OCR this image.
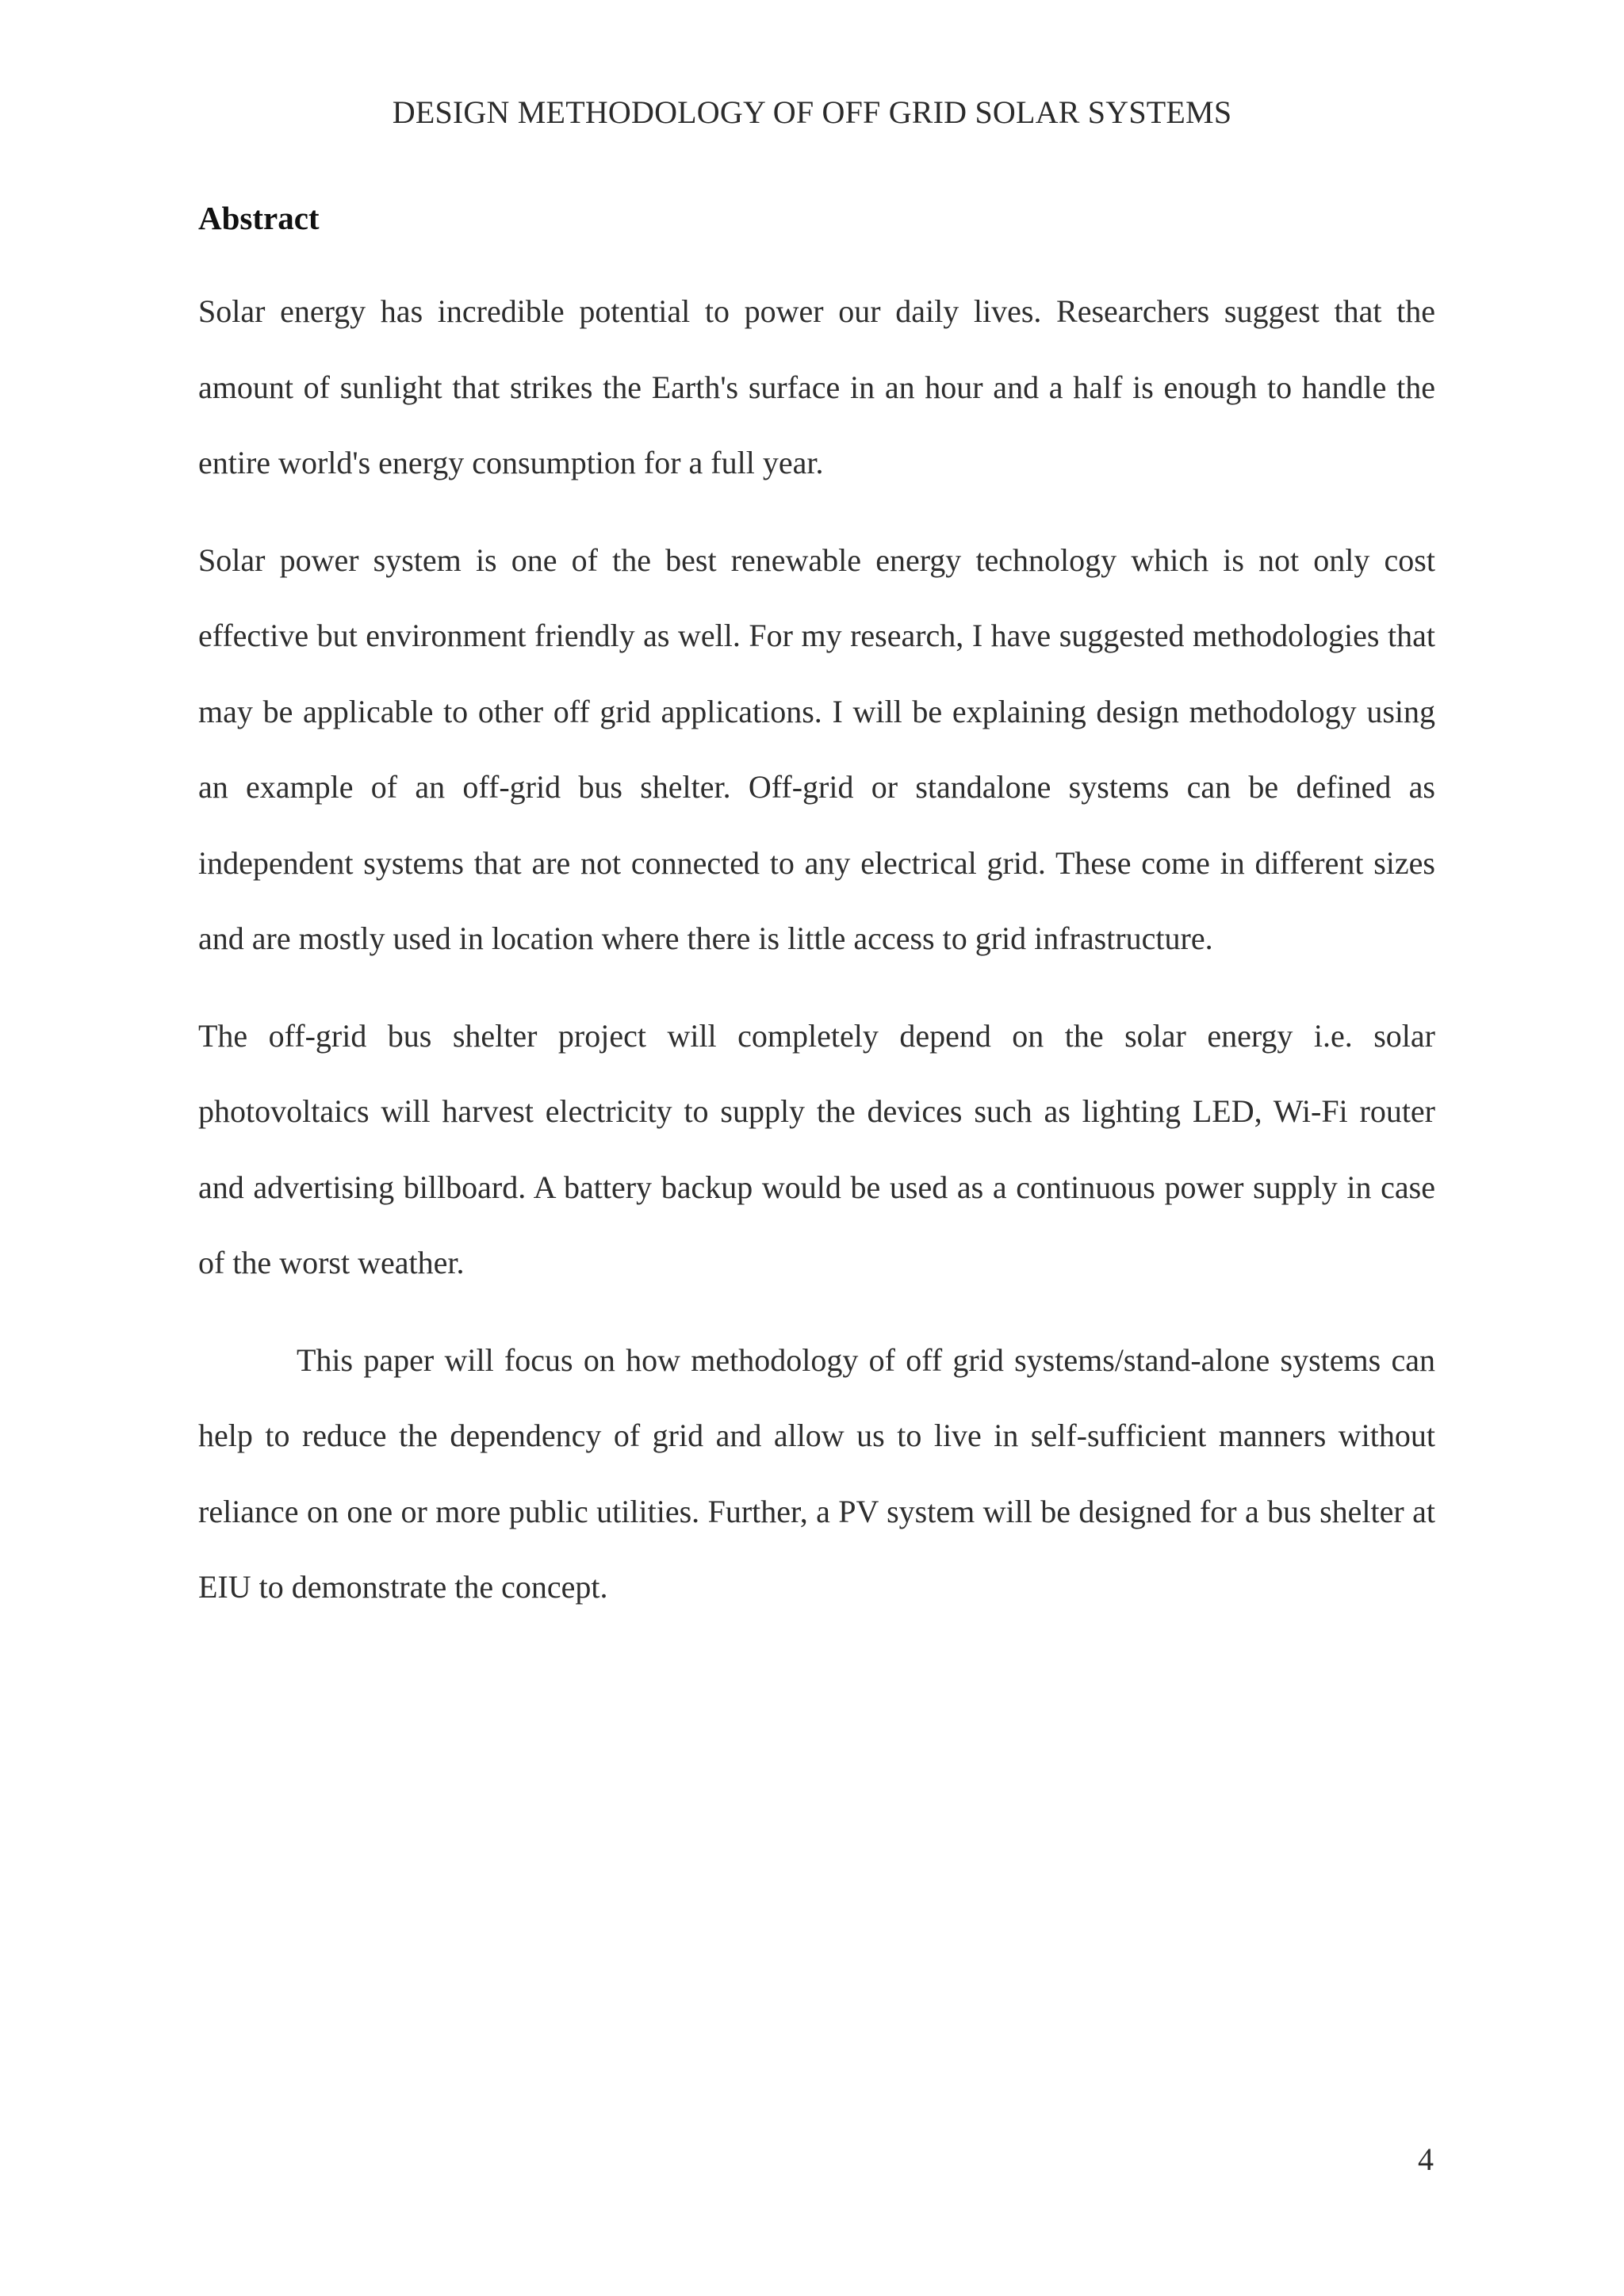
DESIGN METHODOLOGY OF OFF GRID SOLAR SYSTEMS
Abstract

Solar energy has incredible potential to power our daily lives. Researchers suggest that the amount of sunlight that strikes the Earth's surface in an hour and a half is enough to handle the entire world's energy consumption for a full year.

Solar power system is one of the best renewable energy technology which is not only cost effective but environment friendly as well. For my research, I have suggested methodologies that may be applicable to other off grid applications. I will be explaining design methodology using an example of an off-grid bus shelter. Off-grid or standalone systems can be defined as independent systems that are not connected to any electrical grid. These come in different sizes and are mostly used in location where there is little access to grid infrastructure.

The off-grid bus shelter project will completely depend on the solar energy i.e. solar photovoltaics will harvest electricity to supply the devices such as lighting LED, Wi-Fi router and advertising billboard. A battery backup would be used as a continuous power supply in case of the worst weather.

This paper will focus on how methodology of off grid systems/stand-alone systems can help to reduce the dependency of grid and allow us to live in self-sufficient manners without reliance on one or more public utilities. Further, a PV system will be designed for a bus shelter at EIU to demonstrate the concept.

4
